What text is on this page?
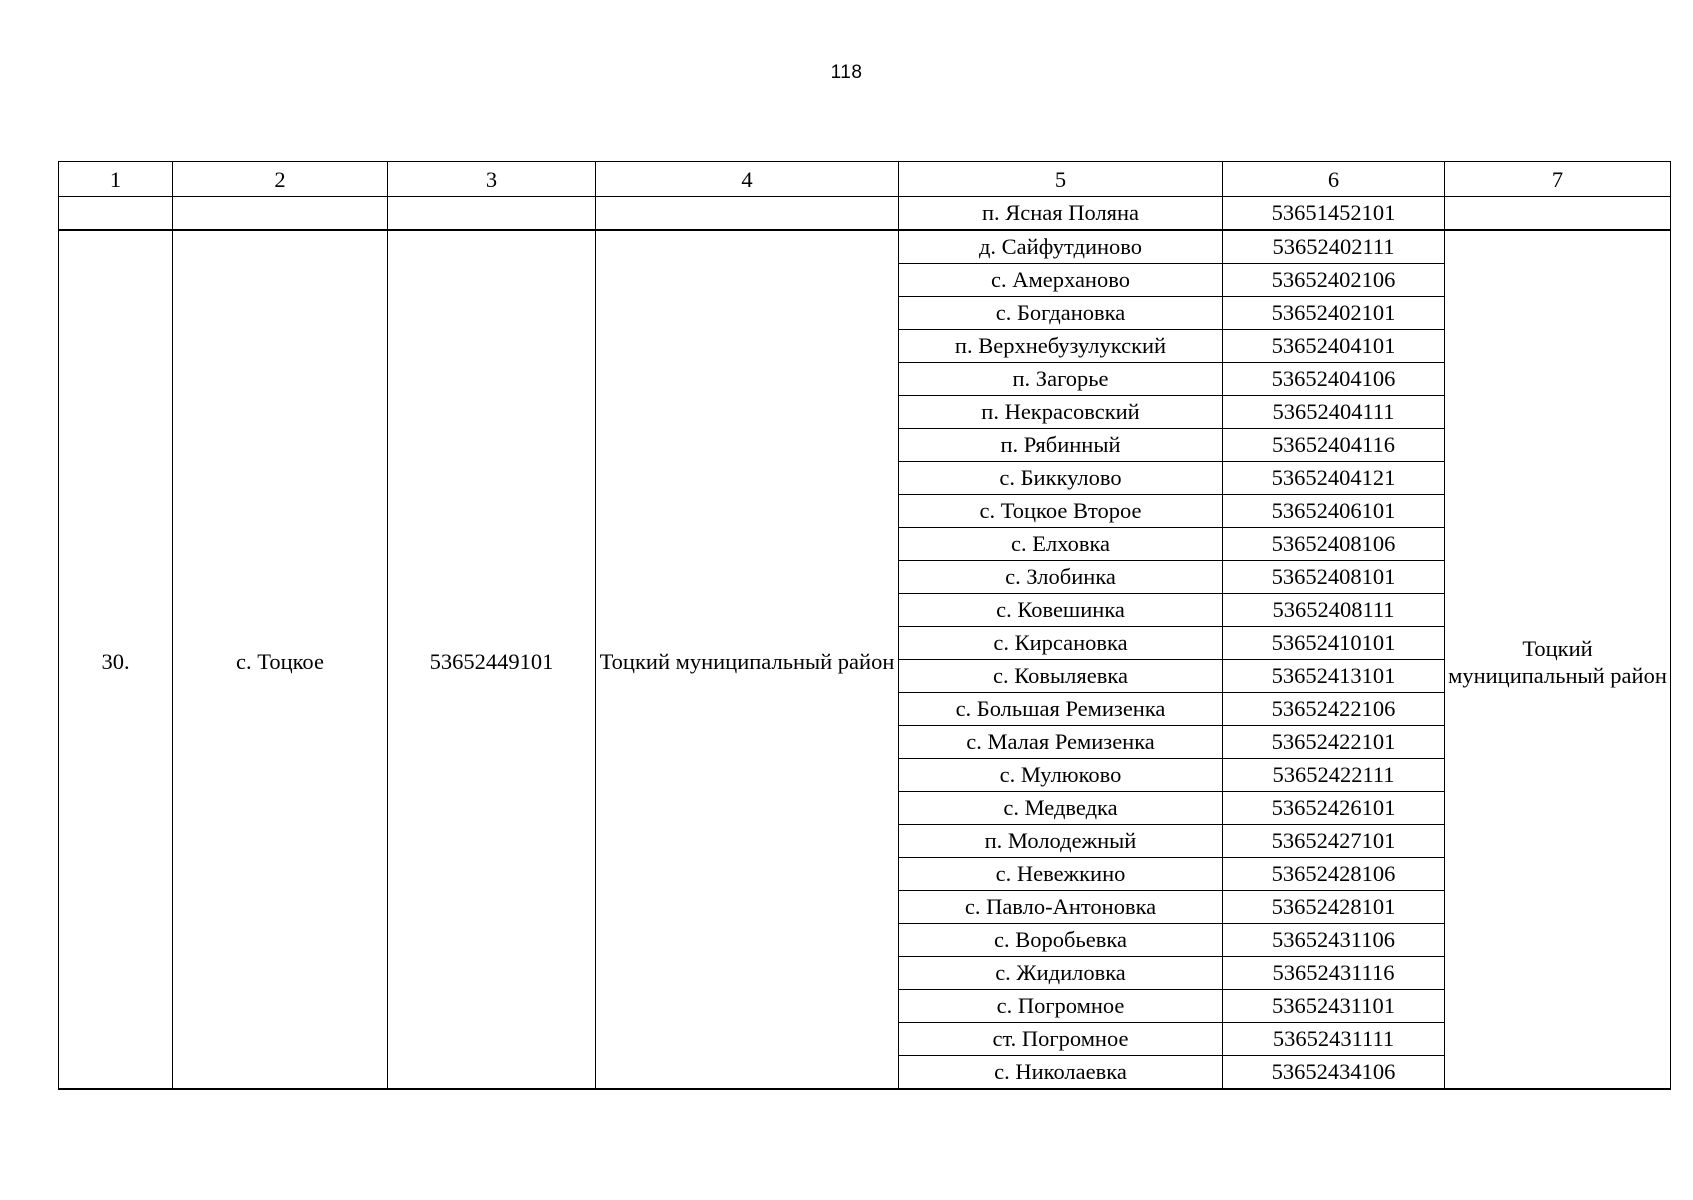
118
1	2	3	4	5	6	7
				п. Ясная Поляна	53651452101	
30.	с. Тоцкое	53652449101	Тоцкий муниципальный район	д. Сайфутдиново	53652402111	Тоцкий муниципальный район
				с. Амерханово	53652402106	
				с. Богдановка	53652402101	
				п. Верхнебузулукский	53652404101	
				п. Загорье	53652404106	
				п. Некрасовский	53652404111	
				п. Рябинный	53652404116	
				с. Биккулово	53652404121	
				с. Тоцкое Второе	53652406101	
				с. Елховка	53652408106	
				с. Злобинка	53652408101	
				с. Ковешинка	53652408111	
				с. Кирсановка	53652410101	
				с. Ковыляевка	53652413101	
				с. Большая Ремизенка	53652422106	
				с. Малая Ремизенка	53652422101	
				с. Мулюково	53652422111	
				с. Медведка	53652426101	
				п. Молодежный	53652427101	
				с. Невежкино	53652428106	
				с. Павло-Антоновка	53652428101	
				с. Воробьевка	53652431106	
				с. Жидиловка	53652431116	
				с. Погромное	53652431101	
				ст. Погромное	53652431111	
				с. Николаевка	53652434106	
